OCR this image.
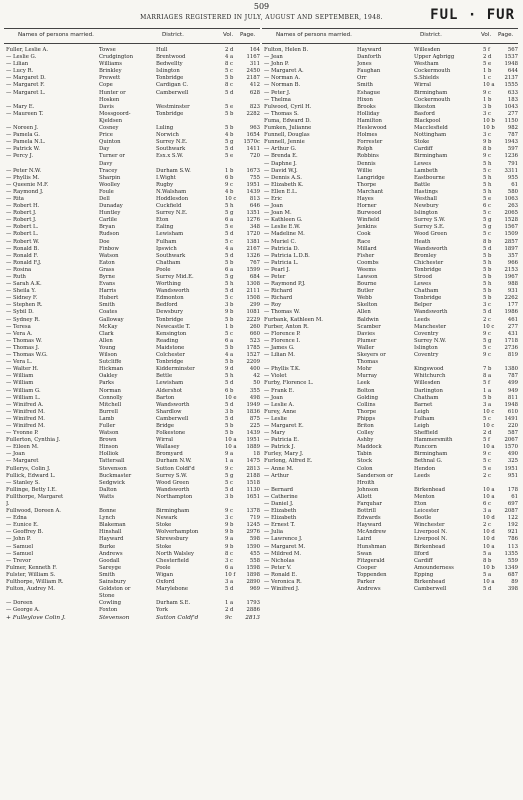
509
MARRIAGES REGISTERED IN JULY, AUGUST AND SEPTEMBER, 1948.	FUL · FUR
Names of persons married.	District.	Vol. Page.
Fuller, Leslie A.	Towse	Hull	2 d	164
— Leslie G.	Crudgington	Brentwood	4 a	1167
— Lilian	Williams	Bedwellty	8 c	311
— Lucy R.	Brinkley	Islington	5 c	2450
— Margaret D.	Prewett	Tonbridge	5 b	2187
— Margaret F.	Cope	Cardigan C.	8 c	412
— Margaret L.	Hunter or	Camberwell	5 d	628
Hosken
— Mary E.	Davis	Westminster	5 e	823
— Maureen T.	Mossgoord-	Tonbridge	5 b	2282
Kjeldsen
— Noreen J.	Cosney	Luling	5 b	963
— Pamela G.	Price	Norwich	4 b	1654
— Pamela N.L.	Quinton	Surrey N.E.	5 g	1570c
— Patrick W.	Day	Southwark	5 d	1411
— Percy J.	Turner or	Esx.x S.W.	5 e	720
Davy
— Peter N.W.	Tracey	Durham S.W.	1 b	1673
— Phyllis M.	Sharpin	I.Wight	6 b	755
— Queenie M.F.	Woolley	Rugby	9 c	1951
— Raymond J.	Foule	N.Walsham	4 b	1439
— Rita	Dell	Hoddlesdon	10 c	813
— Robert H.	Dunaday	Cuckfield	5 h	646
— Robert J.	Huntley	Surrey N.E.	5 g	1351
— Robert J.	Carlile	Eton	6 a	1276
— Robert L.	Bryan	Ealing	5 e	348
— Robert L.	Rudson	Lewisham	5 d	1720
— Robert W.	Doe	Fulham	5 c	1381
— Ronald B.	Finbow	Ipswich	4 a	2167
— Ronald F.	Watson	Southwark	5 d	1326
— Ronald F.J.	Eaton	Chatham	5 b	767
— Rosina	Grass	Poole	6 a	1599
— Ruth	Byrne	Surrey Mid.E.	5 g	684
— Sarah A.K.	Evans	Worthing	5 h	1308
— Sheila Y.	Harris	Wandsworth	5 d	2111
— Sidney F.	Hubert	Edmonton	5 c	1508
— Stephen R.	Smith	Bedford	3 b	299
— Sybil D.	Coates	Dewsbury	9 b	1081
— Sydney R.	Galloway	Tonbridge	5 b	2229
— Teresa	McKay	Newcastle T.	1 b	260
— Vera A.	Clark	Kensington	5 c	660
— Thomas W.	Allen	Reading	6 a	523
— Thomas J.	Young	Maidstone	5 b	1785
— Thomas W.G.	Wilson	Colchester	4 a	1527
— Vera L.	Sutcliffe	Tonbridge	5 b	2209
— Walter H.	Hickman	Kidderminster	9 d	400
— William	Oakley	Bettle	5 h	42
— William	Parks	Lewisham	5 d	50
— William G.	Norman	Aldershot	6 b	355
— William L.	Connolly	Barton	10 e	498
— Winifred A.	Mitchell	Wandsworth	5 d	1949
— Winifred M.	Burrell	Shardlow	3 b	1836
— Winifred M.	Lamb	Camberwell	5 d	875
— Winifred M.	Fuller	Bridge	5 b	225
— Yvonne P.	Watson	Folkestone	5 b	1439
Fullerton, Cynthia J.	Brown	Wirral	10 a	1951
— Eileen M.	Hinson	Wallasey	10 a	1889
— Joan	Holliok	Bromyard	9 a	18
— Margaret	Tattersall	Durham N.W.	1 a	1475
Fullerys, Colin J.	Stevenson	Sutton Coldf'd	9 c	2813
Fullick, Edward L.	Buckmaster	Surrey S.W.	5 g	2188
— Stanley S.	Sedgwick	Wood Green	5 c	1518
Fullinge, Betty I.E.	Dalton	Wandsworth	5 d	1130
Fullthorpe, Margaret	Watts	Northampton	3 b	1651
J.
Fullwood, Doreen A.	Bonne	Birmingham	9 c	1378
— Edna	Lynch	Newark	3 c	719
— Eunice E.	Blakeman	Stoke	9 b	1245
— Geoffrey B.	Hinshall	Wolverhampton	9 b	2976
— John P.	Hayward	Shrewsbury	9 a	598
— Samuel	Burke	Stoke	9 b	1590
— Samuel	Andrews	North Walsley	8 c	455
— Trevor	Goodall	Chesterfield	3 c	558
Fulmer, Kenneth F.	Sareyge	Poole	6 a	1598
Fulster, William S.	Smith	Wigan	10 f	1898
Fulthorpe, William R.	Sainsbury	Oxford	3 a	2890
Fulton, Audrey M.	Goldston or	Marylebone	5 d	969
Stone
— Doreen	Cowling	Durham S.E.	1 a	1793
— George A.	Foxton	York	2 d	2886
+ Fulleylove Colin J.	Stevenson	Sutton Coldf'd	9c	2813
Names of persons married.	District.	Vol. Page.
Fulton, Helen B.	Hayward	Willesden	5 f	567
— Jean	Danforth	Upper Agbrigg	2 d	1537
— John P.	Jones	Westham	5 e	1948
— Margaret A.	Faughan	Cockermouth	1 b	644
— Norman A.	Orr	S.Shields	1 c	2137
— Norman B.	Smith	Wirral	10 a	1555
— Peter J.	Eshague	Birmingham	9 c	633
— Thelma	Hixon	Cockermouth	1 b	183
Fulwood, Cyril H.	Brooks	Ilkeston	3 b	1043
— Thomas S.	Holliday	Basford	3 c	277
Fuma, Edward D.	Hamilton	Blackpool	10 b	1150
Fumken, Julianne	Heslewood	Macclesfield	10 b	982
Funnell, Douglas	Holmes	Nottingham	3 c	787
Funnell, Jennie	Forrester	Stoke	9 b	1943
— Arthur G.	Rolph	Cardiff	8 b	597
— Brenda E.	Robbins	Birmingham	9 c	1236
— Daphne J.	Dennis	Lewes	5 h	791
— David W.J.	Willie	Lambeth	5 c	3311
— Dennis A.S.	Langridge	Eastbourne	5 h	955
— Elizabeth K.	Thorpe	Battle	5 h	61
— Ellen E.L.	Marchant	Hastings	5 h	580
— Eric	Hayes	Westhall	5 e	1063
— Joan	Horner	Newbury	6 c	263
— Joan M.	Burwood	Islington	5 c	2065
— Kathleen G.	Winfield	Surrey S.W.	5 g	1528
— Leslie E.W.	Jenkins	Surrey S.E.	5 g	1567
— Madeline M.	Cook	Wood Green	5 c	1509
— Muriel C.	Race	Heath	8 b	2857
— Patricia D.	Millard	Wandsworth	5 d	1897
— Patricia L.D.B.	Fisher	Bromley	5 b	357
— Patricia L.	Coombs	Chichester	5 h	966
— Pearl J.	Weems	Tonbridge	5 b	2153
— Peter	Lawson	Strood	5 b	1967
— Raymond P.J.	Bourne	Lewes	5 h	988
— Richard	Butler	Chatham	5 b	931
— Richard	Webb	Tonbridge	5 b	2262
— Roy	Skelton	Belper	3 c	177
— Thomas W.	Allen	Wandsworth	5 d	1986
Furbank, Kathleen M.	Baldwin	Leeds	2 c	461
Furber, Anton R.	Scamber	Manchester	10 c	277
— Florence P.	Davies	Coventry	9 c	431
— Florence I.	Plumer	Surrey N.W.	5 g	1718
— James G.	Waller	Islington	5 c	2736
— Lilian M.	Skeyers or	Coventry	9 c	819
Thomas
— Phyllis T.K.	Mohr	Kingswood	7 b	1380
— Violet	Murray	Whitchurch	8 a	787
Furby, Florence L.	Leek	Willesden	5 f	499
— Frank E.	Bolton	Darlington	1 a	949
— Joan	Golding	Chatham	5 b	811
— Leslie A.	Collins	Barnet	3 a	1948
Furey, Anne	Thorpe	Leigh	10 c	610
— Leslie	Phipps	Fulham	5 c	1491
— Margaret E.	Briton	Leigh	10 c	220
— Mary	Colley	Sheffield	2 d	587
— Patricia E.	Ashby	Hammersmith	5 f	2067
— Patrick J.	Maddock	Runcorn	10 a	1570
Furley, Mary J.	Tabin	Birmingham	9 c	490
Furlong, Alfred E.	Stock	Bethnal G.	5 c	325
— Anne M.	Colon	Hendon	5 e	1951
— Arthur	Sanderson or	Leeds	2 c	951
Hroith
— Bernard	Johnson	Birkenhead	10 a	178
— Catherine	Allott	Menton	10 a	61
— Daniel J.	Farquhar	Eton	6 c	697
— Elizabeth	Bottrill	Leicester	3 a	2087
— Elizabeth	Edwards	Bootle	10 d	122
— Ernest T.	Hayward	Winchester	2 c	192
— Julia	McAndrew	Liverpool N.	10 d	921
— Lawrence J.	Laird	Liverpool N.	10 d	786
— Margaret M.	Hunshman	Birkenhead	10 a	113
— Mildred M.	Swan	Ilford	5 a	1355
— Nicholas	Fitzgerald	Cardiff	8 b	559
— Peter V.	Cooper	Amounderness	10 b	1349
— Ronald E.	Toppenden	Epping	5 a	687
— Veronica R.	Parker	Birkenhead	10 a	89
— Winifred J.	Andrews	Camberwell	5 d	398
